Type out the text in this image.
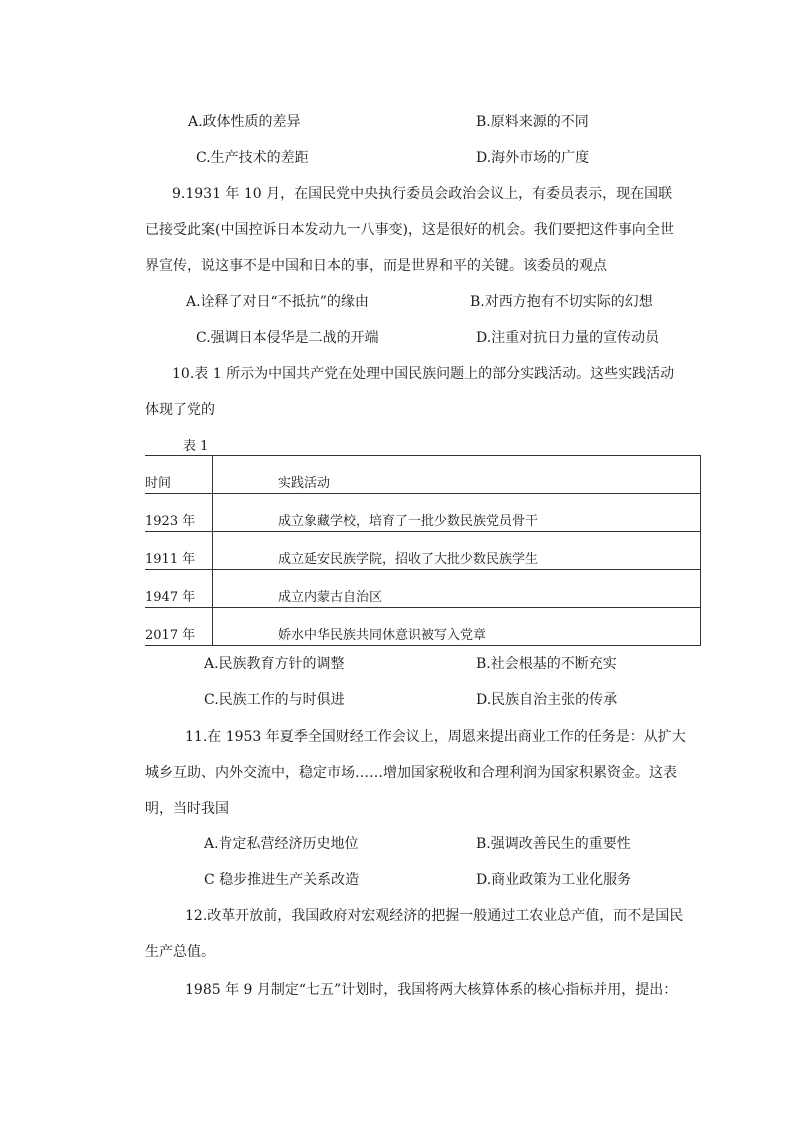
A.政体性质的差异	B.原料来源的不同
C.生产技术的差距	D.海外市场的广度
9.1931 年 10 月，在国民党中央执行委员会政治会议上，有委员表示，现在国联
已接受此案(中国控诉日本发动九一八事变)，这是很好的机会。我们要把这件事向全世
界宣传，说这事不是中国和日本的事，而是世界和平的关键。该委员的观点
A.诠释了对日“不抵抗”的缘由	B.对西方抱有不切实际的幻想
C.强调日本侵华是二战的开端	D.注重对抗日力量的宣传动员
10.表 1 所示为中国共产党在处理中国民族问题上的部分实践活动。这些实践活动
体现了党的
表 1
时间	实践活动
1923 年	成立象藏学校，培育了一批少数民族党员骨干
1911 年	成立延安民族学院，招收了大批少数民族学生
1947 年	成立内蒙古自治区
2017 年	娇水中华民族共同休意识被写入党章
A.民族教育方针的调整	B.社会根基的不断充实
C.民族工作的与时俱进	D.民族自治主张的传承
11.在 1953 年夏季全国财经工作会议上，周恩来提出商业工作的任务是：从扩大
城乡互助、内外交流中，稳定市场……增加国家税收和合理利润为国家积累资金。这表
明，当时我国
A.肯定私营经济历史地位	B.强调改善民生的重要性
C 稳步推进生产关系改造	D.商业政策为工业化服务
12.改革开放前，我国政府对宏观经济的把握一般通过工农业总产值，而不是国民
生产总值。
1985 年 9 月制定“七五”计划时，我国将两大核算体系的核心指标并用，提出：
